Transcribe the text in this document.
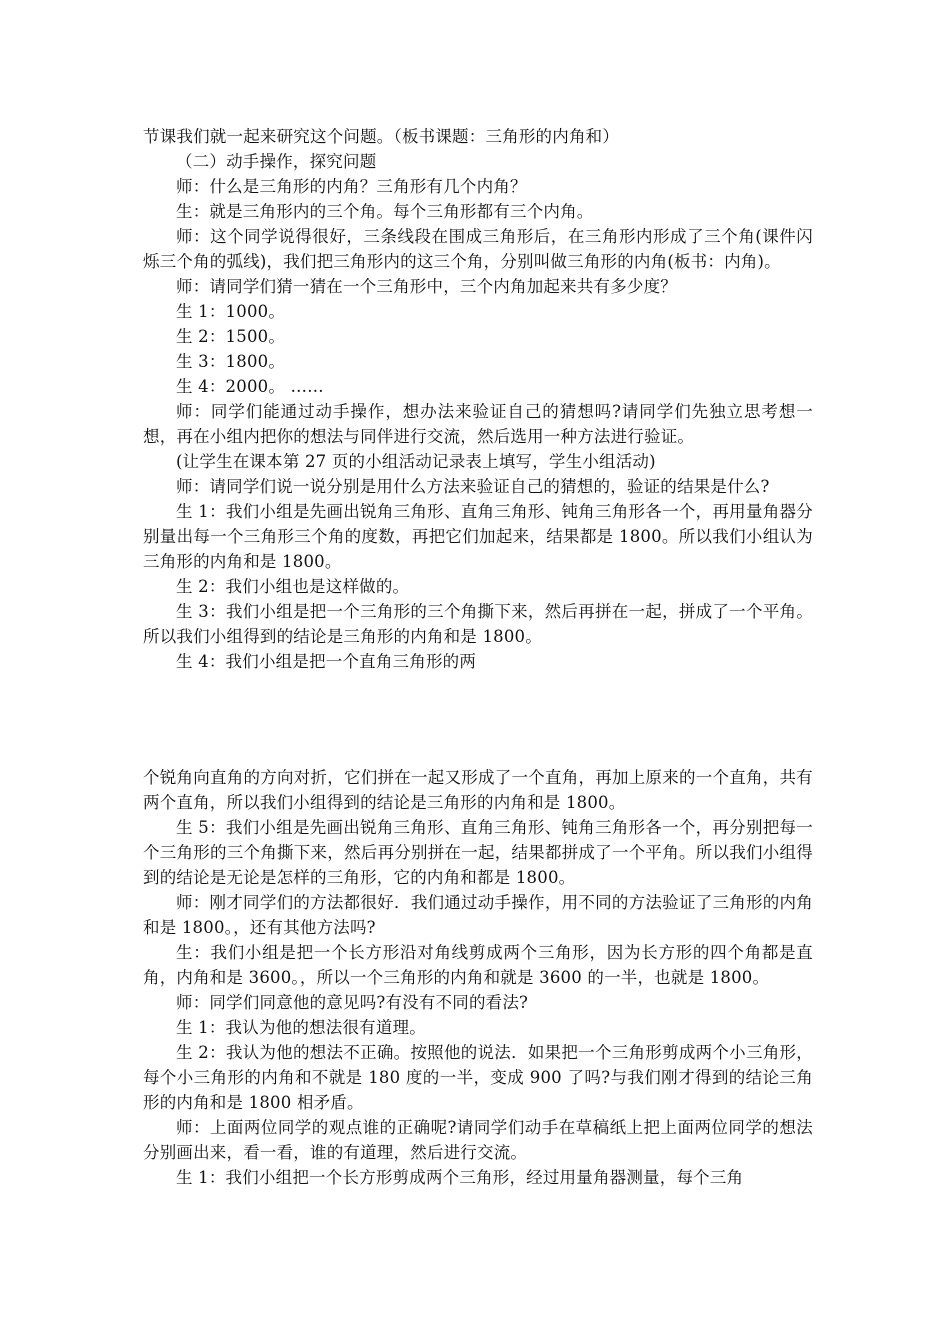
节课我们就一起来研究这个问题。（板书课题：三角形的内角和）

（二）动手操作，探究问题

师：什么是三角形的内角？三角形有几个内角？

生：就是三角形内的三个角。每个三角形都有三个内角。

师：这个同学说得很好，三条线段在围成三角形后，在三角形内形成了三个角(课件闪烁三个角的弧线)，我们把三角形内的这三个角，分别叫做三角形的内角(板书：内角)。

师：请同学们猜一猜在一个三角形中，三个内角加起来共有多少度？

生 1：1000。

生 2：1500。

生 3：1800。

生 4：2000。 ……

师：同学们能通过动手操作，想办法来验证自己的猜想吗?请同学们先独立思考想一想，再在小组内把你的想法与同伴进行交流，然后选用一种方法进行验证。

(让学生在课本第 27 页的小组活动记录表上填写，学生小组活动)

师：请同学们说一说分别是用什么方法来验证自己的猜想的，验证的结果是什么?

生 1：我们小组是先画出锐角三角形、直角三角形、钝角三角形各一个，再用量角器分别量出每一个三角形三个角的度数，再把它们加起来，结果都是 1800。所以我们小组认为三角形的内角和是 1800。

生 2：我们小组也是这样做的。

生 3：我们小组是把一个三角形的三个角撕下来，然后再拼在一起，拼成了一个平角。所以我们小组得到的结论是三角形的内角和是 1800。

生 4：我们小组是把一个直角三角形的两

个锐角向直角的方向对折，它们拼在一起又形成了一个直角，再加上原来的一个直角，共有两个直角，所以我们小组得到的结论是三角形的内角和是 1800。

生 5：我们小组是先画出锐角三角形、直角三角形、钝角三角形各一个，再分别把每一个三角形的三个角撕下来，然后再分别拼在一起，结果都拼成了一个平角。所以我们小组得到的结论是无论是怎样的三角形，它的内角和都是 1800。

师：刚才同学们的方法都很好．我们通过动手操作，用不同的方法验证了三角形的内角和是 1800。，还有其他方法吗?

生：我们小组是把一个长方形沿对角线剪成两个三角形，因为长方形的四个角都是直角，内角和是 3600。，所以一个三角形的内角和就是 3600 的一半，也就是 1800。

师：同学们同意他的意见吗?有没有不同的看法?

生 1：我认为他的想法很有道理。

生 2：我认为他的想法不正确。按照他的说法．如果把一个三角形剪成两个小三角形，每个小三角形的内角和不就是 180 度的一半，变成 900 了吗?与我们刚才得到的结论三角形的内角和是 1800 相矛盾。

师：上面两位同学的观点谁的正确呢?请同学们动手在草稿纸上把上面两位同学的想法分别画出来，看一看，谁的有道理，然后进行交流。

生 1：我们小组把一个长方形剪成两个三角形，经过用量角器测量，每个三角
